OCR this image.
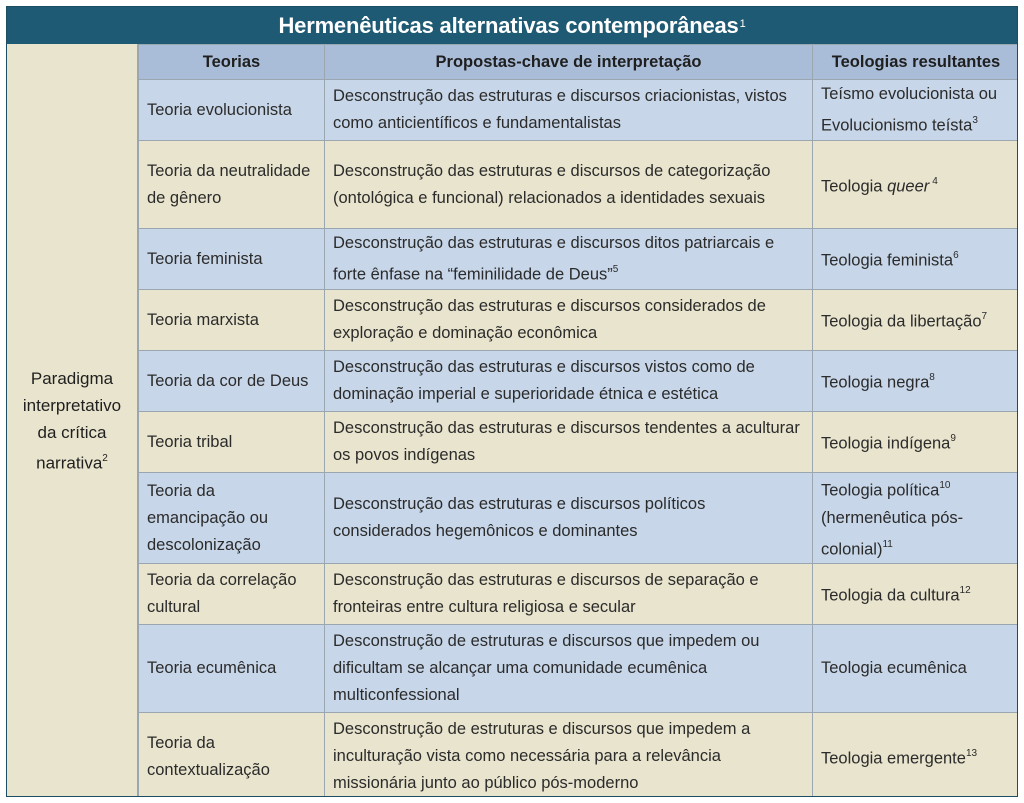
Hermenêuticas alternativas contemporâneas$^1$
Paradigma interpretativo da crítica narrativa$^2$
Teorias	Propostas-chave de interpretação	Teologias resultantes
Teoria evolucionista	Desconstrução das estruturas e discursos criacionistas, vistos como anticientíficos e fundamentalistas	Teísmo evolucionista ou Evolucionismo teísta$^3$
Teoria da neutralidade de gênero	Desconstrução das estruturas e discursos de categorização (ontológica e funcional) relacionados a identidades sexuais	Teologia queer $^4$
Teoria feminista	Desconstrução das estruturas e discursos ditos patriarcais e forte ênfase na “feminilidade de Deus”$^5$	Teologia feminista$^6$
Teoria marxista	Desconstrução das estruturas e discursos considerados de exploração e dominação econômica	Teologia da libertação$^7$
Teoria da cor de Deus	Desconstrução das estruturas e discursos vistos como de dominação imperial e superioridade étnica e estética	Teologia negra$^8$
Teoria tribal	Desconstrução das estruturas e discursos tendentes a aculturar os povos indígenas	Teologia indígena$^9$
Teoria da emancipação ou descolonização	Desconstrução das estruturas e discursos políticos considerados hegemônicos e dominantes	Teologia política$^{10}$ (hermenêutica pós-colonial)$^{11}$
Teoria da correlação cultural	Desconstrução das estruturas e discursos de separação e fronteiras entre cultura religiosa e secular	Teologia da cultura$^{12}$
Teoria ecumênica	Desconstrução de estruturas e discursos que impedem ou dificultam se alcançar uma comunidade ecumênica multiconfessional	Teologia ecumênica
Teoria da contextualização	Desconstrução de estruturas e discursos que impedem a inculturação vista como necessária para a relevância missionária junto ao público pós-moderno	Teologia emergente$^{13}$
